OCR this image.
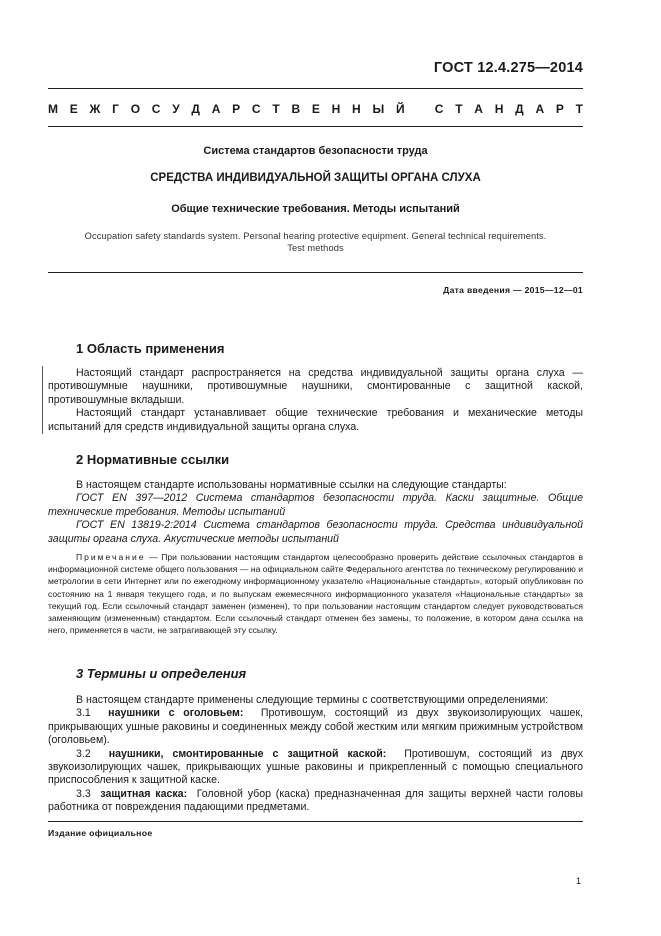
ГОСТ 12.4.275—2014
М Е Ж Г О С У Д А Р С Т В Е Н Н Ы Й
	С Т А Н Д А Р Т
Система стандартов безопасности труда
СРЕДСТВА ИНДИВИДУАЛЬНОЙ ЗАЩИТЫ ОРГАНА СЛУХА
Общие технические требования. Методы испытаний
Occupation safety standards system. Personal hearing protective equipment. General technical requirements.
Test methods
Дата введения — 2015—12—01
1 Область применения

Настоящий стандарт распространяется на средства индивидуальной защиты органа слуха — противошумные наушники, противошумные наушники, смонтированные с защитной каской, противошумные вкладыши.

Настоящий стандарт устанавливает общие технические требования и механические методы испытаний для средств индивидуальной защиты органа слуха.

2 Нормативные ссылки

В настоящем стандарте использованы нормативные ссылки на следующие стандарты:

ГОСТ EN 397—2012 Система стандартов безопасности труда. Каски защитные. Общие технические требования. Методы испытаний

ГОСТ EN 13819-2:2014 Система стандартов безопасности труда. Средства индивидуальной защиты органа слуха. Акустические методы испытаний

Примечание — При пользовании настоящим стандартом целесообразно проверить действие ссылочных стандартов в информационной системе общего пользования — на официальном сайте Федерального агентства по техническому регулированию и метрологии в сети Интернет или по ежегодному информационному указателю «Национальные стандарты», который опубликован по состоянию на 1 января текущего года, и по выпускам ежемесячного информационного указателя «Национальные стандарты» за текущий год. Если ссылочный стандарт заменен (изменен), то при пользовании настоящим стандартом следует руководствоваться заменяющим (измененным) стандартом. Если ссылочный стандарт отменен без замены, то положение, в котором дана ссылка на него, применяется в части, не затрагивающей эту ссылку.

3 Термины и определения

В настоящем стандарте применены следующие термины с соответствующими определениями:

3.1 наушники с оголовьем: Противошум, состоящий из двух звукоизолирующих чашек, прикрывающих ушные раковины и соединенных между собой жестким или мягким прижимным устройством (оголовьем).

3.2 наушники, смонтированные с защитной каской: Противошум, состоящий из двух звукоизолирующих чашек, прикрывающих ушные раковины и прикрепленный с помощью специального приспособления к защитной каске.

3.3 защитная каска: Головной убор (каска) предназначенная для защиты верхней части головы работника от повреждения падающими предметами.

Издание официальное
1
